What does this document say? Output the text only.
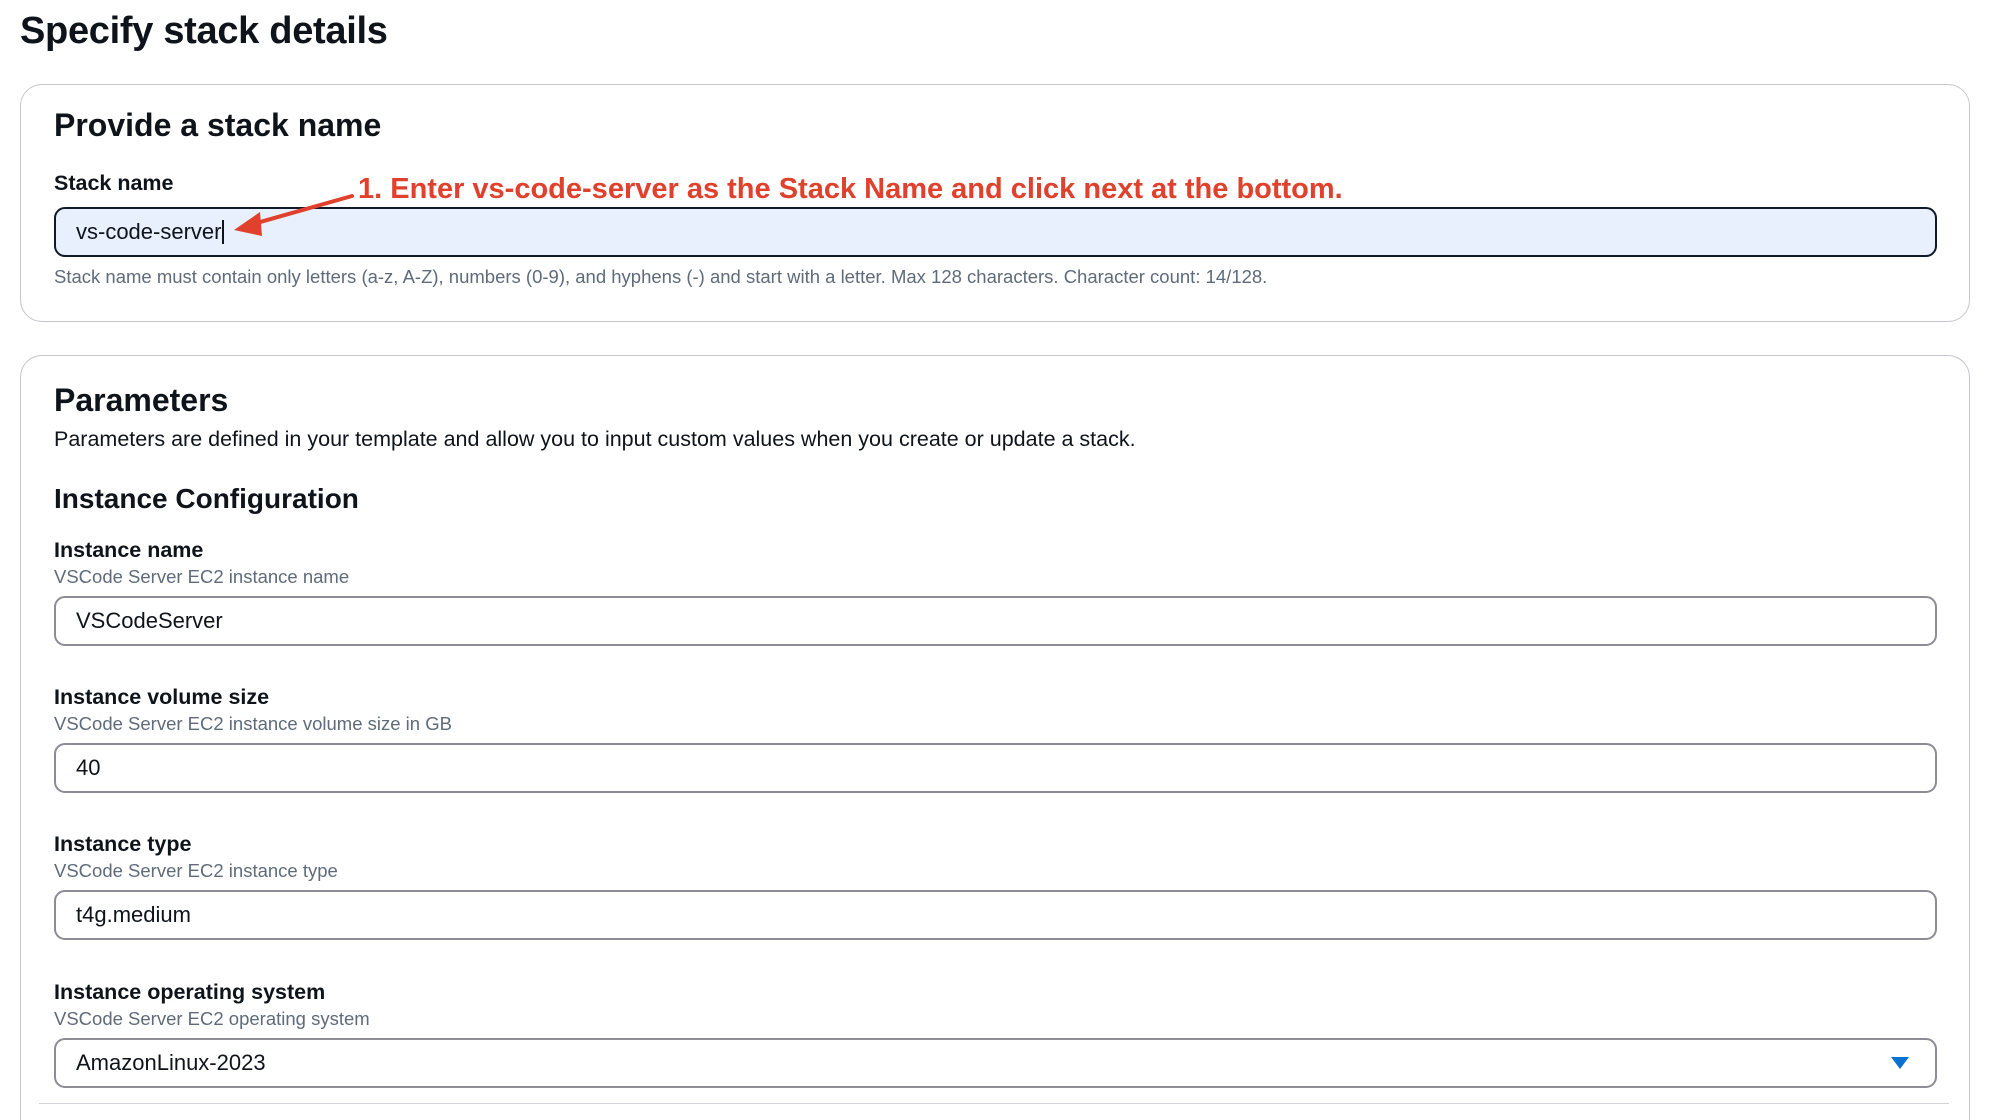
Specify stack details
Provide a stack name
Stack name
vs-code-server
Stack name must contain only letters (a-z, A-Z), numbers (0-9), and hyphens (-) and start with a letter. Max 128 characters. Character count: 14/128.
Parameters
Parameters are defined in your template and allow you to input custom values when you create or update a stack.
Instance Configuration
Instance name
VSCode Server EC2 instance name
VSCodeServer
Instance volume size
VSCode Server EC2 instance volume size in GB
40
Instance type
VSCode Server EC2 instance type
t4g.medium
Instance operating system
VSCode Server EC2 operating system
AmazonLinux-2023
1. Enter vs-code-server as the Stack Name and click next at the bottom.
